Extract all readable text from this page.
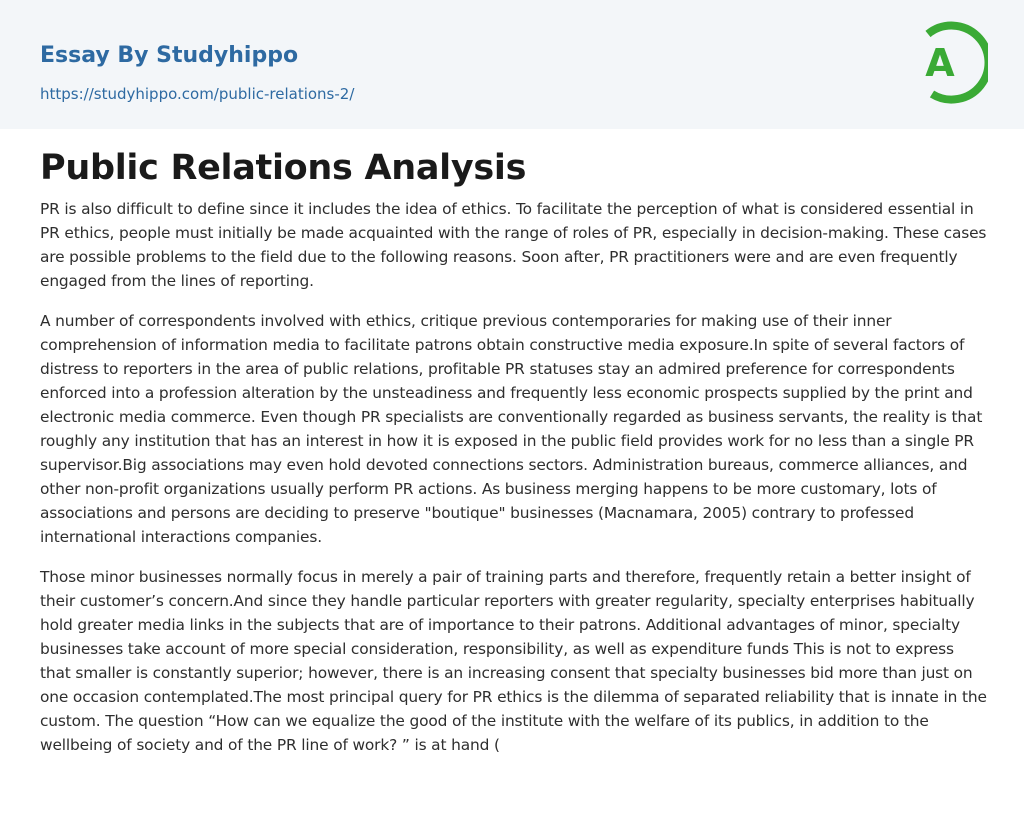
Essay By Studyhippo
https://studyhippo.com/public-relations-2/
A
Public Relations Analysis

PR is also difficult to define since it includes the idea of ethics. To facilitate the perception of what is considered essential in PR ethics, people must initially be made acquainted with the range of roles of PR, especially in decision-making. These cases are possible problems to the field due to the following reasons. Soon after, PR practitioners were and are even frequently engaged from the lines of reporting.

A number of correspondents involved with ethics, critique previous contemporaries for making use of their inner comprehension of information media to facilitate patrons obtain constructive media exposure.In spite of several factors of distress to reporters in the area of public relations, profitable PR statuses stay an admired preference for correspondents enforced into a profession alteration by the unsteadiness and frequently less economic prospects supplied by the print and electronic media commerce. Even though PR specialists are conventionally regarded as business servants, the reality is that roughly any institution that has an interest in how it is exposed in the public field provides work for no less than a single PR supervisor.Big associations may even hold devoted connections sectors. Administration bureaus, commerce alliances, and other non-profit organizations usually perform PR actions. As business merging happens to be more customary, lots of associations and persons are deciding to preserve "boutique" businesses (Macnamara, 2005) contrary to professed international interactions companies.

Those minor businesses normally focus in merely a pair of training parts and therefore, frequently retain a better insight of their customer’s concern.And since they handle particular reporters with greater regularity, specialty enterprises habitually hold greater media links in the subjects that are of importance to their patrons. Additional advantages of minor, specialty businesses take account of more special consideration, responsibility, as well as expenditure funds This is not to express that smaller is constantly superior; however, there is an increasing consent that specialty businesses bid more than just on one occasion contemplated.The most principal query for PR ethics is the dilemma of separated reliability that is innate in the custom. The question “How can we equalize the good of the institute with the welfare of its publics, in addition to the wellbeing of society and of the PR line of work? ” is at hand (
